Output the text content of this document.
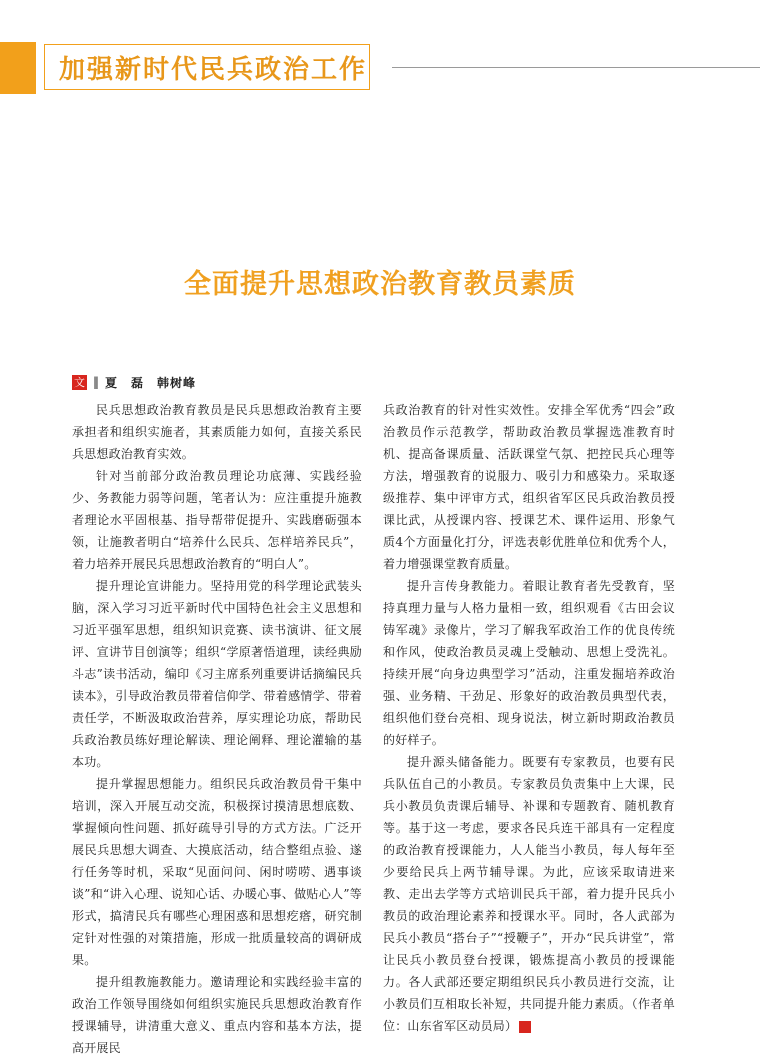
加强新时代民兵政治工作
全面提升思想政治教育教员素质
文 ‖ 夏　磊　韩树峰

民兵思想政治教育教员是民兵思想政治教育主要承担者和组织实施者，其素质能力如何，直接关系民兵思想政治教育实效。

针对当前部分政治教员理论功底薄、实践经验少、务教能力弱等问题，笔者认为：应注重提升施教者理论水平固根基、指导帮带促提升、实践磨砺强本领，让施教者明白“培养什么民兵、怎样培养民兵”，着力培养开展民兵思想政治教育的“明白人”。

提升理论宣讲能力。坚持用党的科学理论武装头脑，深入学习习近平新时代中国特色社会主义思想和习近平强军思想，组织知识竞赛、读书演讲、征文展评、宣讲节目创演等；组织“学原著悟道理，读经典励斗志”读书活动，编印《习主席系列重要讲话摘编民兵读本》，引导政治教员带着信仰学、带着感情学、带着责任学，不断汲取政治营养，厚实理论功底，帮助民兵政治教员练好理论解读、理论阐释、理论灌输的基本功。

提升掌握思想能力。组织民兵政治教员骨干集中培训，深入开展互动交流，积极探讨摸清思想底数、掌握倾向性问题、抓好疏导引导的方式方法。广泛开展民兵思想大调查、大摸底活动，结合整组点验、遂行任务等时机，采取“见面问问、闲时唠唠、遇事谈谈”和“讲入心理、说知心话、办暖心事、做贴心人”等形式，搞清民兵有哪些心理困惑和思想疙瘩，研究制定针对性强的对策措施，形成一批质量较高的调研成果。

提升组教施教能力。邀请理论和实践经验丰富的政治工作领导围绕如何组织实施民兵思想政治教育作授课辅导，讲清重大意义、重点内容和基本方法，提高开展民

兵政治教育的针对性实效性。安排全军优秀“四会”政治教员作示范教学，帮助政治教员掌握选准教育时机、提高备课质量、活跃课堂气氛、把控民兵心理等方法，增强教育的说服力、吸引力和感染力。采取逐级推荐、集中评审方式，组织省军区民兵政治教员授课比武，从授课内容、授课艺术、课件运用、形象气质4个方面量化打分，评选表彰优胜单位和优秀个人，着力增强课堂教育质量。

提升言传身教能力。着眼让教育者先受教育，坚持真理力量与人格力量相一致，组织观看《古田会议铸军魂》录像片，学习了解我军政治工作的优良传统和作风，使政治教员灵魂上受触动、思想上受洗礼。持续开展“向身边典型学习”活动，注重发掘培养政治强、业务精、干劲足、形象好的政治教员典型代表，组织他们登台亮相、现身说法，树立新时期政治教员的好样子。

提升源头储备能力。既要有专家教员，也要有民兵队伍自己的小教员。专家教员负责集中上大课，民兵小教员负责课后辅导、补课和专题教育、随机教育等。基于这一考虑，要求各民兵连干部具有一定程度的政治教育授课能力，人人能当小教员，每人每年至少要给民兵上两节辅导课。为此，应该采取请进来教、走出去学等方式培训民兵干部，着力提升民兵小教员的政治理论素养和授课水平。同时，各人武部为民兵小教员“搭台子”“授鞭子”，开办“民兵讲堂”，常让民兵小教员登台授课，锻炼提高小教员的授课能力。各人武部还要定期组织民兵小教员进行交流，让小教员们互相取长补短，共同提升能力素质。（作者单位：山东省军区动员局）	G
